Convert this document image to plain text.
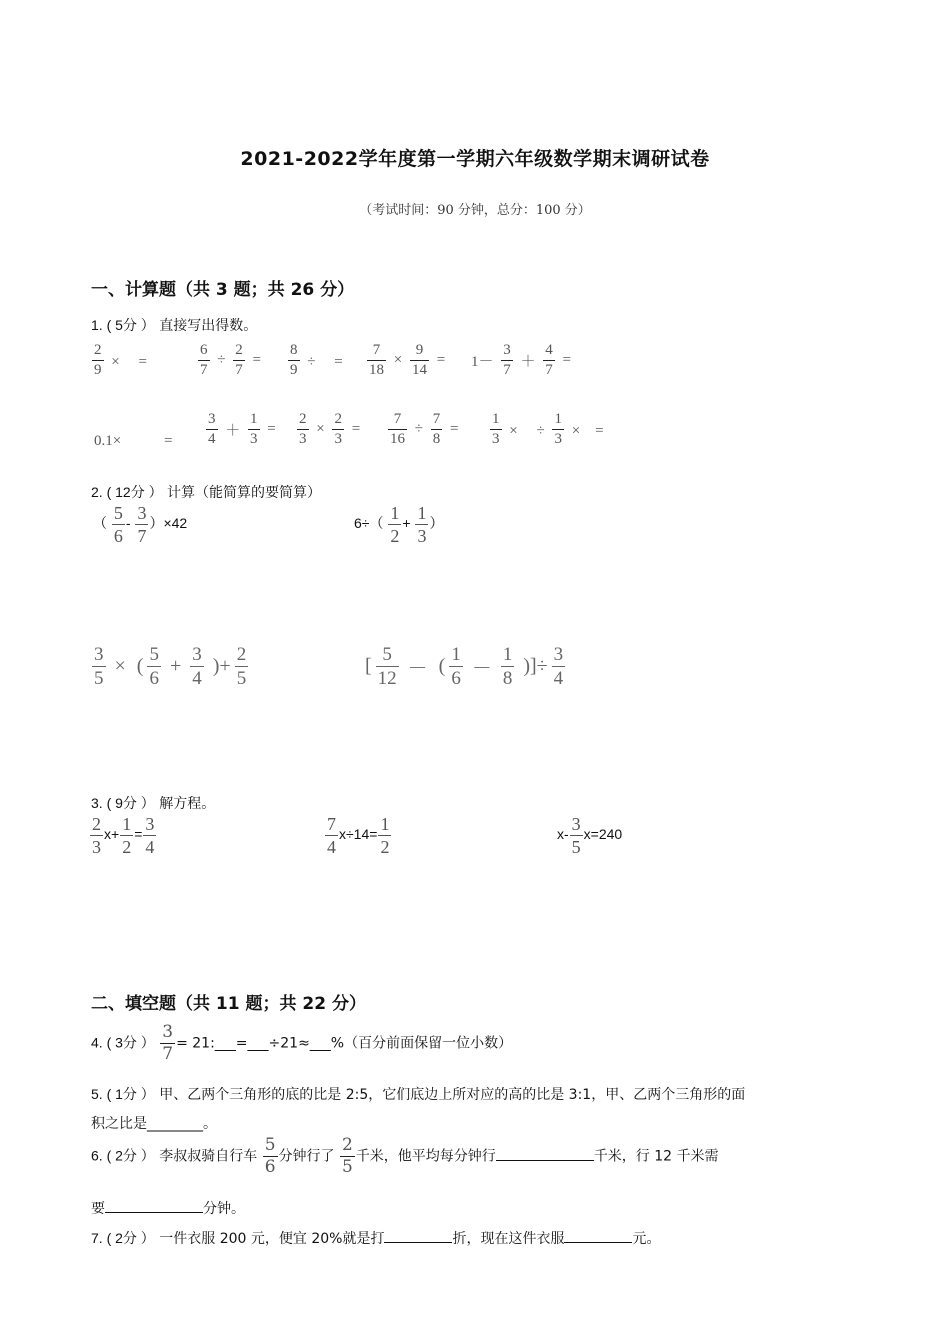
2021-2022学年度第一学期六年级数学期末调研试卷
（考试时间：90 分钟，总分：100 分）
一、计算题（共 3 题；共 26 分）
1. ( 5分 ） 直接写出得数。
$\frac{2}{9}$ ×　 =	$\frac{6}{7} \div \frac{2}{7} = \frac{8}{9}$ ÷　 = $\frac{7}{18} \times \frac{9}{14} = 1- \frac{3}{7} + \frac{4}{7}$ =
0.1×	= $\frac{3}{4} + \frac{1}{3} = \frac{2}{3} \times \frac{2}{3} = \frac{7}{16} \div \frac{7}{8} = \frac{1}{3}$ ×　 ÷ $\frac{1}{3}$ ×　=
2. ( 12分 ） 计算（能简算的要简算）
（ $\frac{5}{6} - \frac{3}{7} )\times 42$	$6\div( \frac{1}{2} + \frac{1}{3}$ ）
$\frac{3}{5}$ × ( $\frac{5}{6} + \frac{3}{4}$ )+ $\frac{2}{5}$	[ $\frac{5}{12}$ － ( $\frac{1}{6} - \frac{1}{8}$ )]÷ $\frac{3}{4}$
3. ( 9分 ） 解方程。
$\frac{2}{3} x+ \frac{1}{2} = \frac{3}{4}$	$\frac{7}{4} x\div 14= \frac{1}{2}$	$x- \frac{3}{5} x=240$
二、填空题（共 11 题；共 22 分）
4. ( 3分 ） $\frac{3}{7}$ = 21:___=___÷21≈___%（百分前面保留一位小数）
5. ( 1分 ） 甲、乙两个三角形的底的比是 2:5，它们底边上所对应的高的比是 3:1，甲、乙两个三角形的面
积之比是________。
6. ( 2分 ） 李叔叔骑自行车 $\frac{5}{6}$ 分钟行了 $\frac{2}{5}$ 千米，他平均每分钟行	千米，行 12 千米需
要	分钟。
7. ( 2分 ） 一件衣服 200 元，便宜 20%就是打	折，现在这件衣服	元。
